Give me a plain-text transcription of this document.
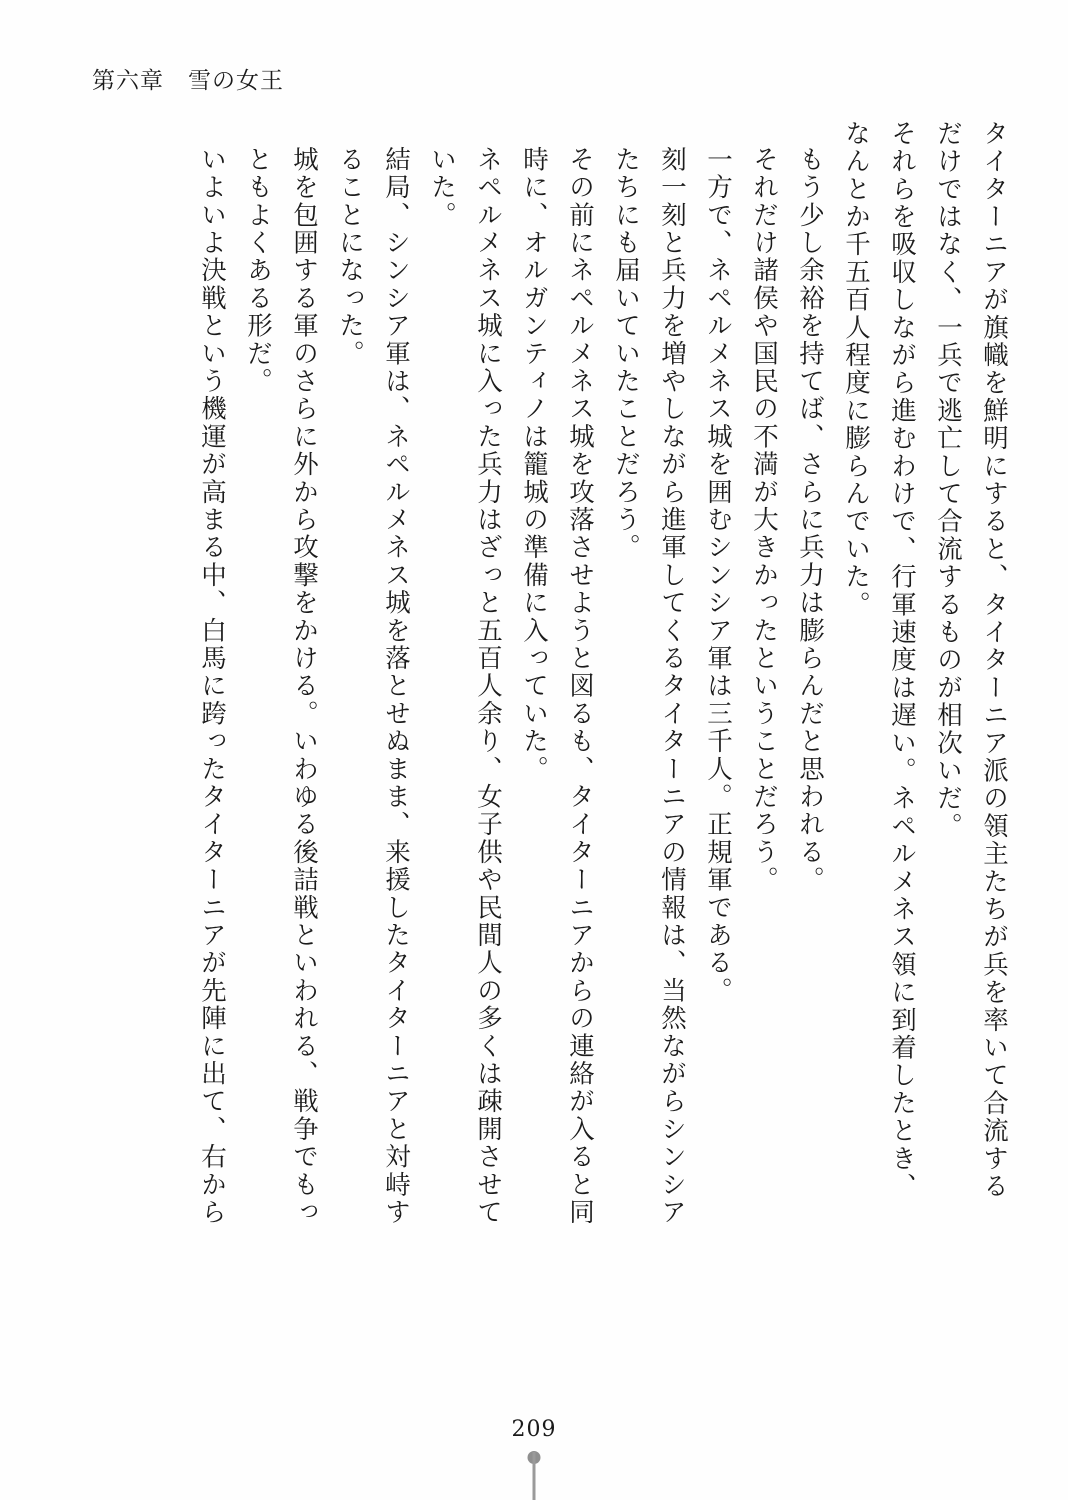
第六章　雪の女王
タイターニアが旗幟を鮮明にすると、タイターニア派の領主たちが兵を率いて合流する
だけではなく、一兵で逃亡して合流するものが相次いだ。
それらを吸収しながら進むわけで、行軍速度は遅い。ネペルメネス領に到着したとき、
なんとか千五百人程度に膨らんでいた。
もう少し余裕を持てば、さらに兵力は膨らんだと思われる。
それだけ諸侯や国民の不満が大きかったということだろう。
一方で、ネペルメネス城を囲むシンシア軍は三千人。正規軍である。
刻一刻と兵力を増やしながら進軍してくるタイターニアの情報は、当然ながらシンシア
たちにも届いていたことだろう。
その前にネペルメネス城を攻落させようと図るも、タイターニアからの連絡が入ると同
時に、オルガンティノは籠城の準備に入っていた。
ネペルメネス城に入った兵力はざっと五百人余り、女子供や民間人の多くは疎開させて
いた。
結局、シンシア軍は、ネペルメネス城を落とせぬまま、来援したタイターニアと対峙す
ることになった。
城を包囲する軍のさらに外から攻撃をかける。いわゆる後詰戦といわれる、戦争でもっ
ともよくある形だ。
いよいよ決戦という機運が高まる中、白馬に跨ったタイターニアが先陣に出て、右から
209
